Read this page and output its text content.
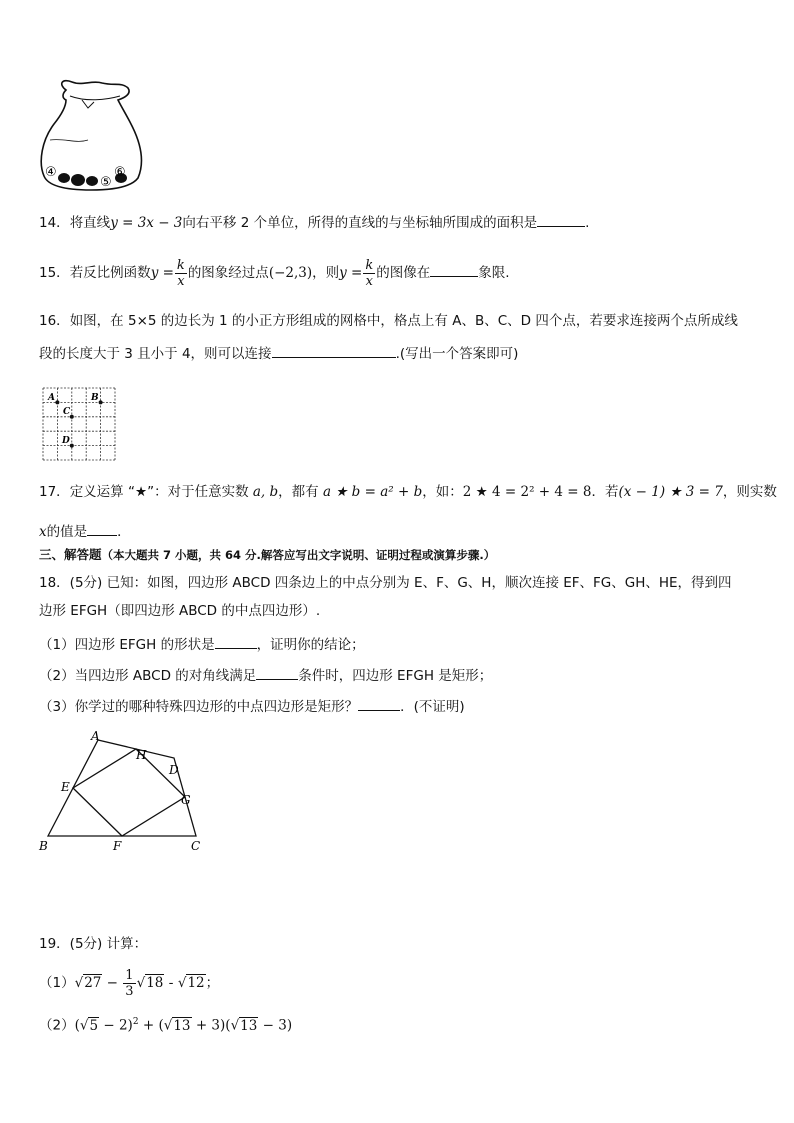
④
⑤
⑥
14．将直线y = 3x − 3向右平移 2 个单位，所得的直线的与坐标轴所围成的面积是	.
15．若反比例函数$y = \frac{k}{x}$ 的图象经过点(−2,3)，则$y = \frac{k}{x}$ 的图像在	象限.
16．如图，在 5×5 的边长为 1 的小正方形组成的网格中，格点上有 A、B、C、D 四个点，若要求连接两个点所成线
段的长度大于 3 且小于 4，则可以连接	.(写出一个答案即可)
A	B
C
D
17．定义运算 “★”：对于任意实数 a, b，都有 a ★ b = a² + b，如：2 ★ 4 = 2² + 4 = 8．若(x − 1) ★ 3 = 7，则实数
x的值是 ．
三、解答题（本大题共 7 小题，共 64 分.解答应写出文字说明、证明过程或演算步骤.）
18．(5分) 已知：如图，四边形 ABCD 四条边上的中点分别为 E、F、G、H，顺次连接 EF、FG、GH、HE，得到四
边形 EFGH（即四边形 ABCD 的中点四边形）.
（1）四边形 EFGH 的形状是	，证明你的结论；
（2）当四边形 ABCD 的对角线满足	条件时，四边形 EFGH 是矩形；
（3）你学过的哪种特殊四边形的中点四边形是矩形？	．(不证明)
A
H
D
E
G
B	F	C
19．(5分) 计算：
$(1)√27 - \frac{1}{3} √18 - √12$；
$(2)(√5 - 2)^2 + (√13 + 3)(√13 - 3)$
